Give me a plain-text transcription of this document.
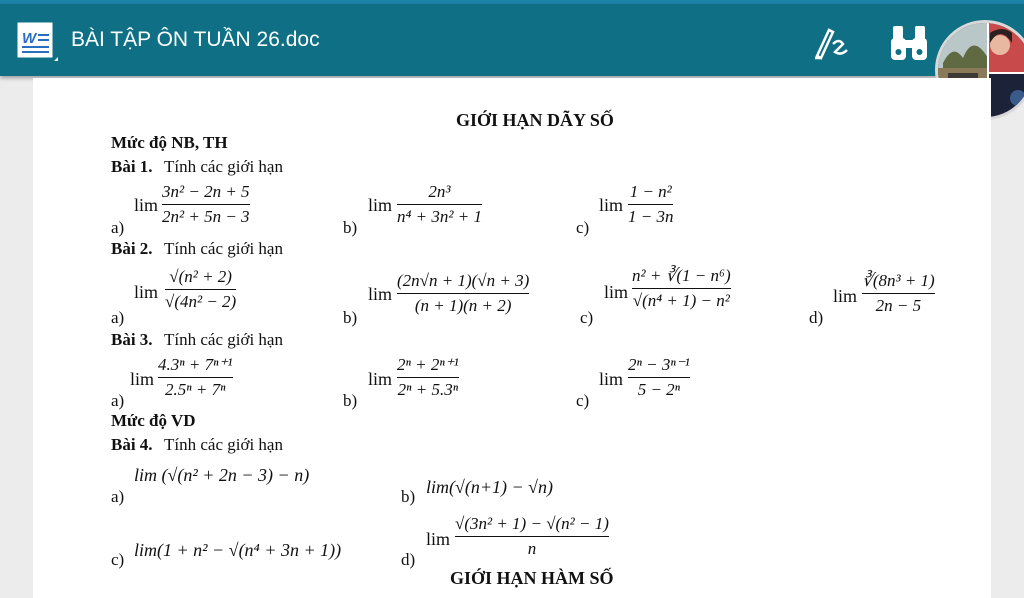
W BÀI TẬP ÔN TUẦN 26.doc
GIỚI HẠN DÃY SỐ
Mức độ NB, TH
Bài 1. Tính các giới hạn
a)
lim
3n² − 2n + 5
2n² + 5n − 3
b)
lim
2n³
n⁴ + 3n² + 1
c)
lim
1 − n²
1 − 3n
Bài 2. Tính các giới hạn
a)
lim
√(n² + 2)
√(4n² − 2)
b)
lim
(2n√n + 1)(√n + 3)
(n + 1)(n + 2)
c)
lim
n² + ∛(1 − n⁶)
√(n⁴ + 1) − n²
d)
lim
∛(8n³ + 1)
2n − 5
Bài 3. Tính các giới hạn
a)
lim
4.3ⁿ + 7ⁿ⁺¹
2.5ⁿ + 7ⁿ
b)
lim
2ⁿ + 2ⁿ⁺¹
2ⁿ + 5.3ⁿ
c)
lim
2ⁿ − 3ⁿ⁻¹
5 − 2ⁿ
Mức độ VD
Bài 4. Tính các giới hạn
a)
lim (√(n² + 2n − 3) − n)
b) lim(√(n+1) − √n)
c) lim(1 + n² − √(n⁴ + 3n + 1))	d)
lim
√(3n² + 1) − √(n² − 1)
n
GIỚI HẠN HÀM SỐ
